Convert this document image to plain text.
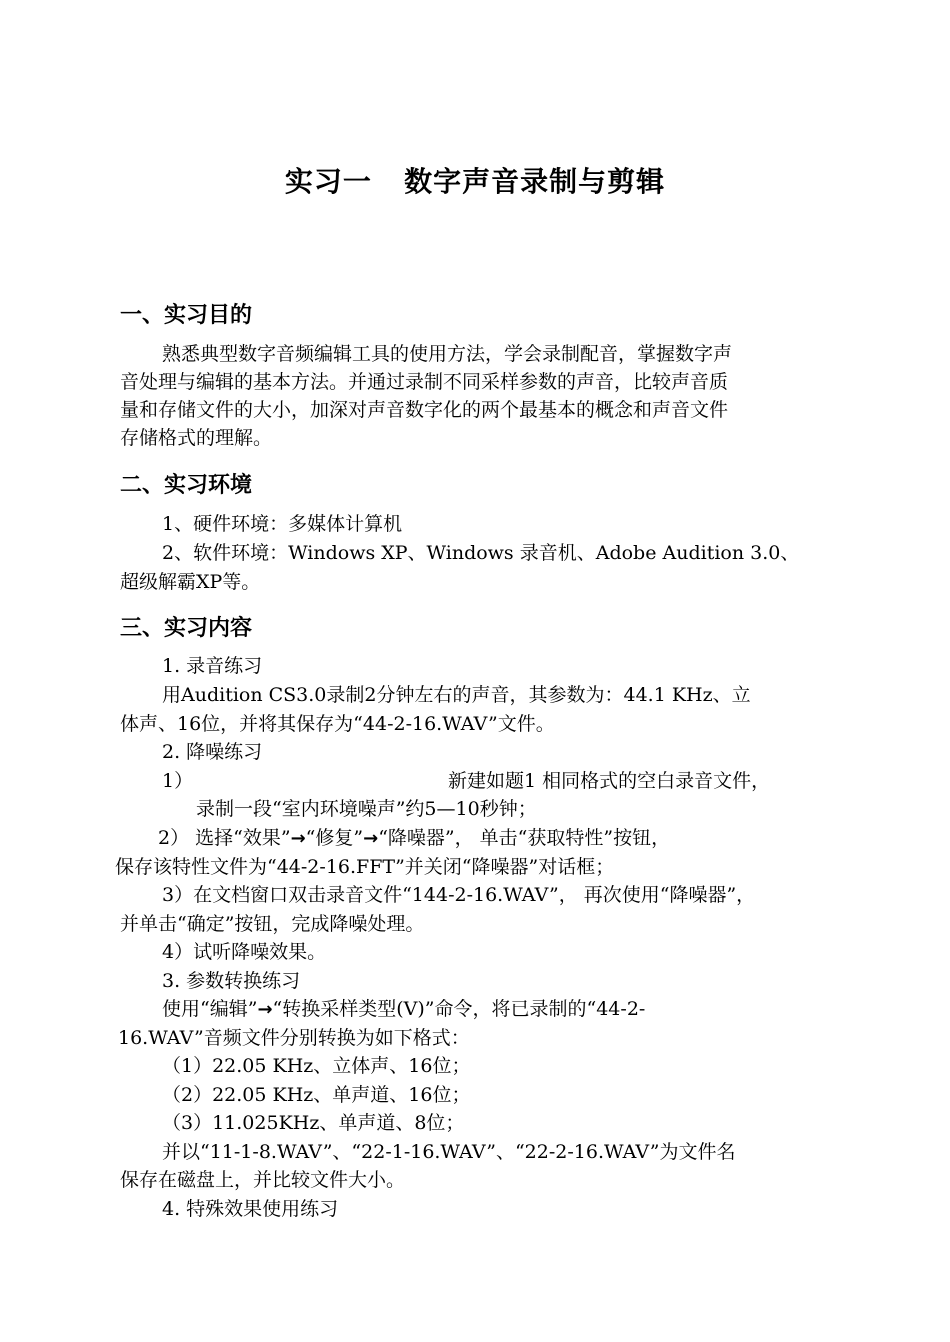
实习一   数字声音录制与剪辑
一、实习目的
熟悉典型数字音频编辑工具的使用方法，学会录制配音，掌握数字声
音处理与编辑的基本方法。并通过录制不同采样参数的声音，比较声音质
量和存储文件的大小，加深对声音数字化的两个最基本的概念和声音文件
存储格式的理解。
二、实习环境
1、硬件环境：多媒体计算机
2、软件环境：Windows XP、Windows 录音机、Adobe Audition 3.0、
超级解霸XP等。
三、实习内容
1. 录音练习
用Audition CS3.0录制2分钟左右的声音，其参数为：44.1 KHz、立
体声、16位，并将其保存为“44-2-16.WAV”文件。
2. 降噪练习
1）	新建如题1 相同格式的空白录音文件，
录制一段“室内环境噪声”约5—10秒钟；
2） 选择“效果”→“修复”→“降噪器”， 单击“获取特性”按钮，
保存该特性文件为“44-2-16.FFT”并关闭“降噪器”对话框；
3）在文档窗口双击录音文件“144-2-16.WAV”， 再次使用“降噪器”，
并单击“确定”按钮，完成降噪处理。
4）试听降噪效果。
3. 参数转换练习
使用“编辑”→“转换采样类型(V)”命令，将已录制的“44-2-
16.WAV”音频文件分别转换为如下格式：
（1）22.05 KHz、立体声、16位；
（2）22.05 KHz、单声道、16位；
（3）11.025KHz、单声道、8位；
并以“11-1-8.WAV”、“22-1-16.WAV”、“22-2-16.WAV”为文件名
保存在磁盘上，并比较文件大小。
4. 特殊效果使用练习
